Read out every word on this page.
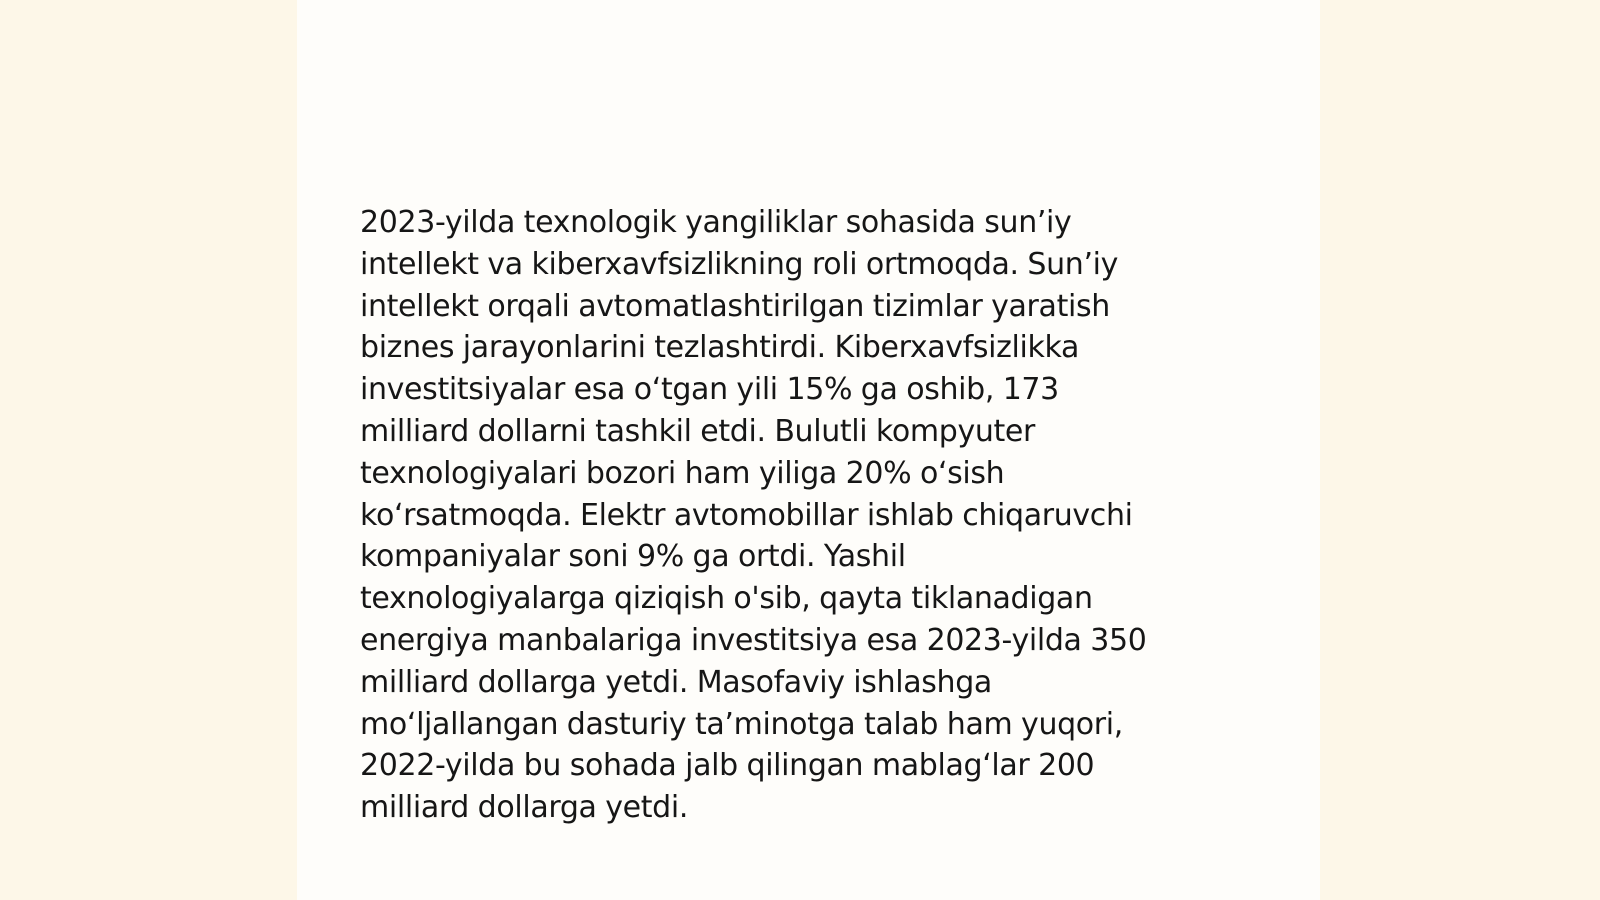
2023-yilda texnologik yangiliklar sohasida sun’iy
intellekt va kiberxavfsizlikning roli ortmoqda. Sun’iy
intellekt orqali avtomatlashtirilgan tizimlar yaratish
biznes jarayonlarini tezlashtirdi. Kiberxavfsizlikka
investitsiyalar esa o‘tgan yili 15% ga oshib, 173
milliard dollarni tashkil etdi. Bulutli kompyuter
texnologiyalari bozori ham yiliga 20% o‘sish
ko‘rsatmoqda. Elektr avtomobillar ishlab chiqaruvchi
kompaniyalar soni 9% ga ortdi. Yashil
texnologiyalarga qiziqish o'sib, qayta tiklanadigan
energiya manbalariga investitsiya esa 2023-yilda 350
milliard dollarga yetdi. Masofaviy ishlashga
mo‘ljallangan dasturiy ta’minotga talab ham yuqori,
2022-yilda bu sohada jalb qilingan mablag‘lar 200
milliard dollarga yetdi.
